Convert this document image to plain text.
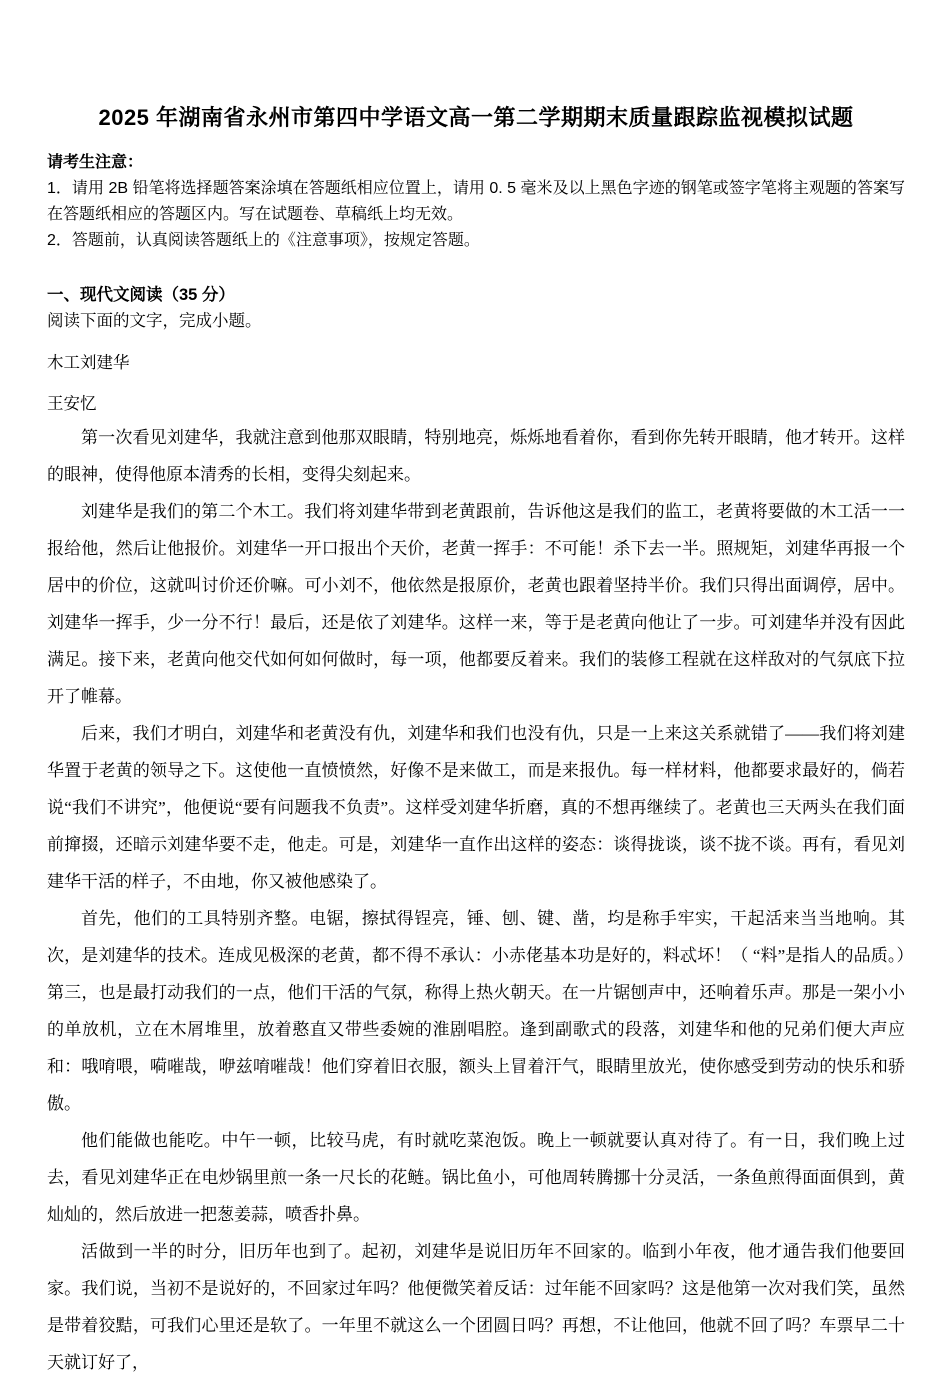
2025 年湖南省永州市第四中学语文高一第二学期期末质量跟踪监视模拟试题

请考生注意：

1．请用 2B 铅笔将选择题答案涂填在答题纸相应位置上，请用 0. 5 毫米及以上黑色字迹的钢笔或签字笔将主观题的答案写在答题纸相应的答题区内。写在试题卷、草稿纸上均无效。

2．答题前，认真阅读答题纸上的《注意事项》，按规定答题。

一、现代文阅读（35 分）

阅读下面的文字，完成小题。

木工刘建华

王安忆

第一次看见刘建华，我就注意到他那双眼睛，特别地亮，烁烁地看着你，看到你先转开眼睛，他才转开。这样的眼神，使得他原本清秀的长相，变得尖刻起来。

刘建华是我们的第二个木工。我们将刘建华带到老黄跟前，告诉他这是我们的监工，老黄将要做的木工活一一报给他，然后让他报价。刘建华一开口报出个天价，老黄一挥手：不可能！杀下去一半。照规矩，刘建华再报一个居中的价位，这就叫讨价还价嘛。可小刘不，他依然是报原价，老黄也跟着坚持半价。我们只得出面调停，居中。刘建华一挥手，少一分不行！最后，还是依了刘建华。这样一来，等于是老黄向他让了一步。可刘建华并没有因此满足。接下来，老黄向他交代如何如何做时，每一项，他都要反着来。我们的装修工程就在这样敌对的气氛底下拉开了帷幕。

后来，我们才明白，刘建华和老黄没有仇，刘建华和我们也没有仇，只是一上来这关系就错了——我们将刘建华置于老黄的领导之下。这使他一直愤愤然，好像不是来做工，而是来报仇。每一样材料，他都要求最好的，倘若说“我们不讲究”，他便说“要有问题我不负责”。这样受刘建华折磨，真的不想再继续了。老黄也三天两头在我们面前撺掇，还暗示刘建华要不走，他走。可是，刘建华一直作出这样的姿态：谈得拢谈，谈不拢不谈。再有，看见刘建华干活的样子，不由地，你又被他感染了。

首先，他们的工具特别齐整。电锯，擦拭得锃亮，锤、刨、键、凿，均是称手牢实，干起活来当当地响。其次，是刘建华的技术。连成见极深的老黄，都不得不承认：小赤佬基本功是好的，料忒坏！（ “料”是指人的品质。）第三，也是最打动我们的一点，他们干活的气氛，称得上热火朝天。在一片锯刨声中，还响着乐声。那是一架小小的单放机，立在木屑堆里，放着憨直又带些委婉的淮剧唱腔。逢到副歌式的段落，刘建华和他的兄弟们便大声应和：哦唷喂，嗬嗺哉，咿兹唷嗺哉！他们穿着旧衣服，额头上冒着汗气，眼睛里放光，使你感受到劳动的快乐和骄傲。

他们能做也能吃。中午一顿，比较马虎，有时就吃菜泡饭。晚上一顿就要认真对待了。有一日，我们晚上过去，看见刘建华正在电炒锅里煎一条一尺长的花鲢。锅比鱼小，可他周转腾挪十分灵活，一条鱼煎得面面俱到，黄灿灿的，然后放进一把葱姜蒜，喷香扑鼻。

活做到一半的时分，旧历年也到了。起初，刘建华是说旧历年不回家的。临到小年夜，他才通告我们他要回家。我们说，当初不是说好的，不回家过年吗？他便微笑着反话：过年能不回家吗？这是他第一次对我们笑，虽然是带着狡黠，可我们心里还是软了。一年里不就这么一个团圆日吗？再想，不让他回，他就不回了吗？车票早二十天就订好了，
